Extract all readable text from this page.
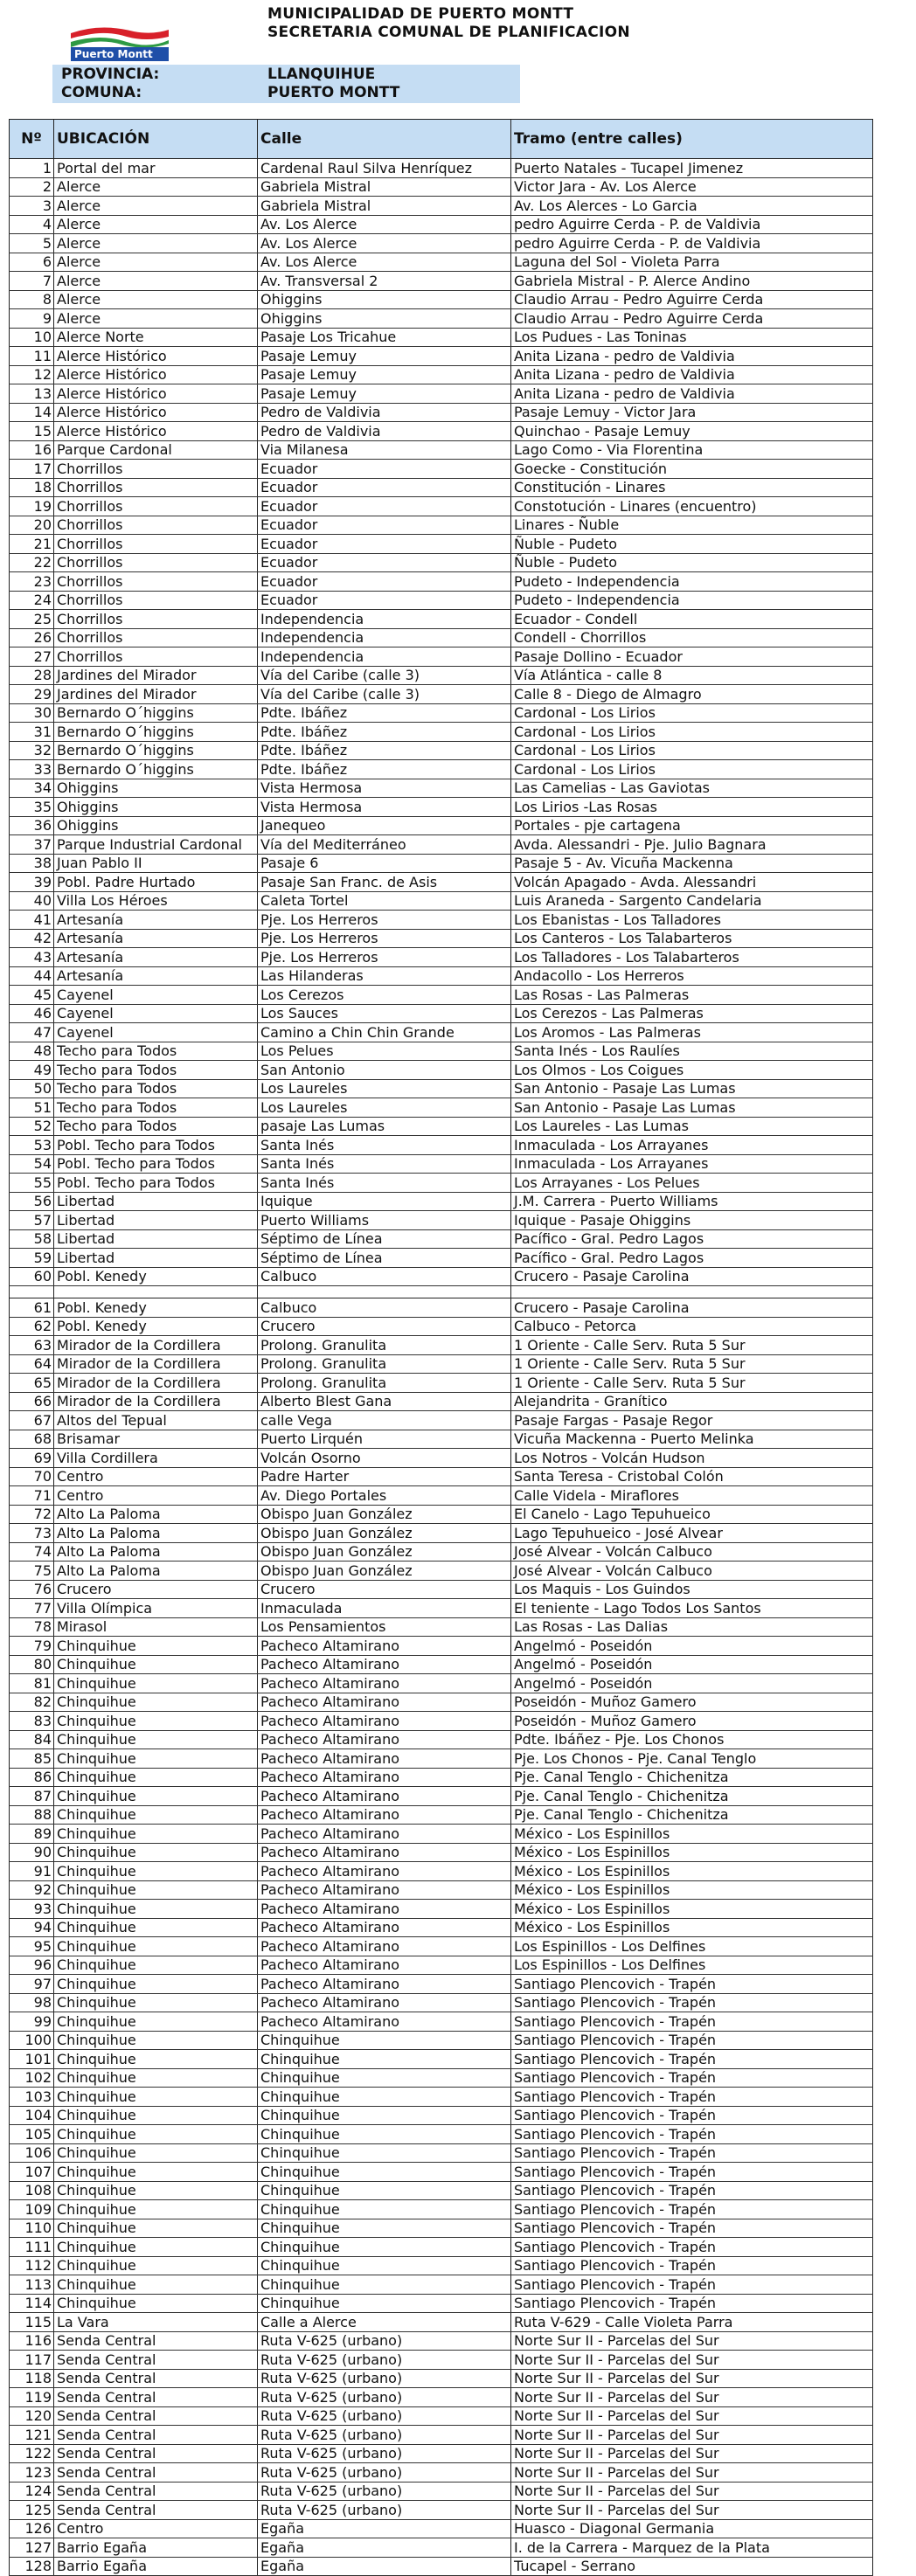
Puerto Montt
MUNICIPALIDAD DE PUERTO MONTT
SECRETARIA COMUNAL DE PLANIFICACION
PROVINCIA:	LLANQUIHUE
COMUNA:	PUERTO MONTT
Nº	UBICACIÓN	Calle	Tramo (entre calles)
1	Portal del mar	Cardenal Raul Silva Henríquez	Puerto Natales - Tucapel Jimenez
2	Alerce	Gabriela Mistral	Victor Jara - Av. Los Alerce
3	Alerce	Gabriela Mistral	Av. Los Alerces - Lo Garcia
4	Alerce	Av. Los Alerce	pedro Aguirre Cerda - P. de Valdivia
5	Alerce	Av. Los Alerce	pedro Aguirre Cerda - P. de Valdivia
6	Alerce	Av. Los Alerce	Laguna del Sol - Violeta Parra
7	Alerce	Av. Transversal 2	Gabriela Mistral - P. Alerce Andino
8	Alerce	Ohiggins	Claudio Arrau - Pedro Aguirre Cerda
9	Alerce	Ohiggins	Claudio Arrau - Pedro Aguirre Cerda
10	Alerce Norte	Pasaje Los Tricahue	Los Pudues - Las Toninas
11	Alerce Histórico	Pasaje Lemuy	Anita Lizana - pedro de Valdivia
12	Alerce Histórico	Pasaje Lemuy	Anita Lizana - pedro de Valdivia
13	Alerce Histórico	Pasaje Lemuy	Anita Lizana - pedro de Valdivia
14	Alerce Histórico	Pedro de Valdivia	Pasaje Lemuy - Victor Jara
15	Alerce Histórico	Pedro de Valdivia	Quinchao - Pasaje Lemuy
16	Parque Cardonal	Via Milanesa	Lago Como - Via Florentina
17	Chorrillos	Ecuador	Goecke - Constitución
18	Chorrillos	Ecuador	Constitución - Linares
19	Chorrillos	Ecuador	Constotución - Linares (encuentro)
20	Chorrillos	Ecuador	Linares - Ñuble
21	Chorrillos	Ecuador	Ñuble - Pudeto
22	Chorrillos	Ecuador	Ñuble - Pudeto
23	Chorrillos	Ecuador	Pudeto - Independencia
24	Chorrillos	Ecuador	Pudeto - Independencia
25	Chorrillos	Independencia	Ecuador - Condell
26	Chorrillos	Independencia	Condell - Chorrillos
27	Chorrillos	Independencia	Pasaje Dollino - Ecuador
28	Jardines del Mirador	Vía del Caribe (calle 3)	Vía Atlántica - calle 8
29	Jardines del Mirador	Vía del Caribe (calle 3)	Calle 8 - Diego de Almagro
30	Bernardo O´higgins	Pdte. Ibáñez	Cardonal - Los Lirios
31	Bernardo O´higgins	Pdte. Ibáñez	Cardonal - Los Lirios
32	Bernardo O´higgins	Pdte. Ibáñez	Cardonal - Los Lirios
33	Bernardo O´higgins	Pdte. Ibáñez	Cardonal - Los Lirios
34	Ohiggins	Vista Hermosa	Las Camelias - Las Gaviotas
35	Ohiggins	Vista Hermosa	Los Lirios -Las Rosas
36	Ohiggins	Janequeo	Portales - pje cartagena
37	Parque Industrial Cardonal	Vía del Mediterráneo	Avda. Alessandri - Pje. Julio Bagnara
38	Juan Pablo II	Pasaje 6	Pasaje 5 - Av. Vicuña Mackenna
39	Pobl. Padre Hurtado	Pasaje San Franc. de Asis	Volcán Apagado - Avda. Alessandri
40	Villa Los Héroes	Caleta Tortel	Luis Araneda - Sargento Candelaria
41	Artesanía	Pje. Los Herreros	Los Ebanistas - Los Talladores
42	Artesanía	Pje. Los Herreros	Los Canteros - Los Talabarteros
43	Artesanía	Pje. Los Herreros	Los Talladores - Los Talabarteros
44	Artesanía	Las Hilanderas	Andacollo - Los Herreros
45	Cayenel	Los Cerezos	Las Rosas - Las Palmeras
46	Cayenel	Los Sauces	Los Cerezos - Las Palmeras
47	Cayenel	Camino a Chin Chin Grande	Los Aromos - Las Palmeras
48	Techo para Todos	Los Pelues	Santa Inés - Los Raulíes
49	Techo para Todos	San Antonio	Los Olmos - Los Coigues
50	Techo para Todos	Los Laureles	San Antonio - Pasaje Las Lumas
51	Techo para Todos	Los Laureles	San Antonio - Pasaje Las Lumas
52	Techo para Todos	pasaje Las Lumas	Los Laureles - Las Lumas
53	Pobl. Techo para Todos	Santa Inés	Inmaculada - Los Arrayanes
54	Pobl. Techo para Todos	Santa Inés	Inmaculada - Los Arrayanes
55	Pobl. Techo para Todos	Santa Inés	Los Arrayanes - Los Pelues
56	Libertad	Iquique	J.M. Carrera - Puerto Williams
57	Libertad	Puerto Williams	Iquique - Pasaje Ohiggins
58	Libertad	Séptimo de Línea	Pacífico - Gral. Pedro Lagos
59	Libertad	Séptimo de Línea	Pacífico - Gral. Pedro Lagos
60	Pobl. Kenedy	Calbuco	Crucero - Pasaje Carolina

61	Pobl. Kenedy	Calbuco	Crucero - Pasaje Carolina
62	Pobl. Kenedy	Crucero	Calbuco - Petorca
63	Mirador de la Cordillera	Prolong. Granulita	1 Oriente - Calle Serv. Ruta 5 Sur
64	Mirador de la Cordillera	Prolong. Granulita	1 Oriente - Calle Serv. Ruta 5 Sur
65	Mirador de la Cordillera	Prolong. Granulita	1 Oriente - Calle Serv. Ruta 5 Sur
66	Mirador de la Cordillera	Alberto Blest Gana	Alejandrita - Granítico
67	Altos del Tepual	calle Vega	Pasaje Fargas - Pasaje Regor
68	Brisamar	Puerto Lirquén	Vicuña Mackenna - Puerto Melinka
69	Villa Cordillera	Volcán Osorno	Los Notros - Volcán Hudson
70	Centro	Padre Harter	Santa Teresa - Cristobal Colón
71	Centro	Av. Diego Portales	Calle Videla - Miraflores
72	Alto La Paloma	Obispo Juan González	El Canelo - Lago Tepuhueico
73	Alto La Paloma	Obispo Juan González	Lago Tepuhueico - José Alvear
74	Alto La Paloma	Obispo Juan González	José Alvear - Volcán Calbuco
75	Alto La Paloma	Obispo Juan González	José Alvear - Volcán Calbuco
76	Crucero	Crucero	Los Maquis - Los Guindos
77	Villa Olímpica	Inmaculada	El teniente - Lago Todos Los Santos
78	Mirasol	Los Pensamientos	Las Rosas - Las Dalias
79	Chinquihue	Pacheco Altamirano	Angelmó - Poseidón
80	Chinquihue	Pacheco Altamirano	Angelmó - Poseidón
81	Chinquihue	Pacheco Altamirano	Angelmó - Poseidón
82	Chinquihue	Pacheco Altamirano	Poseidón - Muñoz Gamero
83	Chinquihue	Pacheco Altamirano	Poseidón - Muñoz Gamero
84	Chinquihue	Pacheco Altamirano	Pdte. Ibáñez - Pje. Los Chonos
85	Chinquihue	Pacheco Altamirano	Pje. Los Chonos - Pje. Canal Tenglo
86	Chinquihue	Pacheco Altamirano	Pje. Canal Tenglo - Chichenitza
87	Chinquihue	Pacheco Altamirano	Pje. Canal Tenglo - Chichenitza
88	Chinquihue	Pacheco Altamirano	Pje. Canal Tenglo - Chichenitza
89	Chinquihue	Pacheco Altamirano	México - Los Espinillos
90	Chinquihue	Pacheco Altamirano	México - Los Espinillos
91	Chinquihue	Pacheco Altamirano	México - Los Espinillos
92	Chinquihue	Pacheco Altamirano	México - Los Espinillos
93	Chinquihue	Pacheco Altamirano	México - Los Espinillos
94	Chinquihue	Pacheco Altamirano	México - Los Espinillos
95	Chinquihue	Pacheco Altamirano	Los Espinillos - Los Delfines
96	Chinquihue	Pacheco Altamirano	Los Espinillos - Los Delfines
97	Chinquihue	Pacheco Altamirano	Santiago Plencovich - Trapén
98	Chinquihue	Pacheco Altamirano	Santiago Plencovich - Trapén
99	Chinquihue	Pacheco Altamirano	Santiago Plencovich - Trapén
100	Chinquihue	Chinquihue	Santiago Plencovich - Trapén
101	Chinquihue	Chinquihue	Santiago Plencovich - Trapén
102	Chinquihue	Chinquihue	Santiago Plencovich - Trapén
103	Chinquihue	Chinquihue	Santiago Plencovich - Trapén
104	Chinquihue	Chinquihue	Santiago Plencovich - Trapén
105	Chinquihue	Chinquihue	Santiago Plencovich - Trapén
106	Chinquihue	Chinquihue	Santiago Plencovich - Trapén
107	Chinquihue	Chinquihue	Santiago Plencovich - Trapén
108	Chinquihue	Chinquihue	Santiago Plencovich - Trapén
109	Chinquihue	Chinquihue	Santiago Plencovich - Trapén
110	Chinquihue	Chinquihue	Santiago Plencovich - Trapén
111	Chinquihue	Chinquihue	Santiago Plencovich - Trapén
112	Chinquihue	Chinquihue	Santiago Plencovich - Trapén
113	Chinquihue	Chinquihue	Santiago Plencovich - Trapén
114	Chinquihue	Chinquihue	Santiago Plencovich - Trapén
115	La Vara	Calle a Alerce	Ruta V-629 - Calle Violeta Parra
116	Senda Central	Ruta V-625 (urbano)	Norte Sur II - Parcelas del Sur
117	Senda Central	Ruta V-625 (urbano)	Norte Sur II - Parcelas del Sur
118	Senda Central	Ruta V-625 (urbano)	Norte Sur II - Parcelas del Sur
119	Senda Central	Ruta V-625 (urbano)	Norte Sur II - Parcelas del Sur
120	Senda Central	Ruta V-625 (urbano)	Norte Sur II - Parcelas del Sur
121	Senda Central	Ruta V-625 (urbano)	Norte Sur II - Parcelas del Sur
122	Senda Central	Ruta V-625 (urbano)	Norte Sur II - Parcelas del Sur
123	Senda Central	Ruta V-625 (urbano)	Norte Sur II - Parcelas del Sur
124	Senda Central	Ruta V-625 (urbano)	Norte Sur II - Parcelas del Sur
125	Senda Central	Ruta V-625 (urbano)	Norte Sur II - Parcelas del Sur
126	Centro	Egaña	Huasco - Diagonal Germania
127	Barrio Egaña	Egaña	I. de la Carrera - Marquez de la Plata
128	Barrio Egaña	Egaña	Tucapel - Serrano
